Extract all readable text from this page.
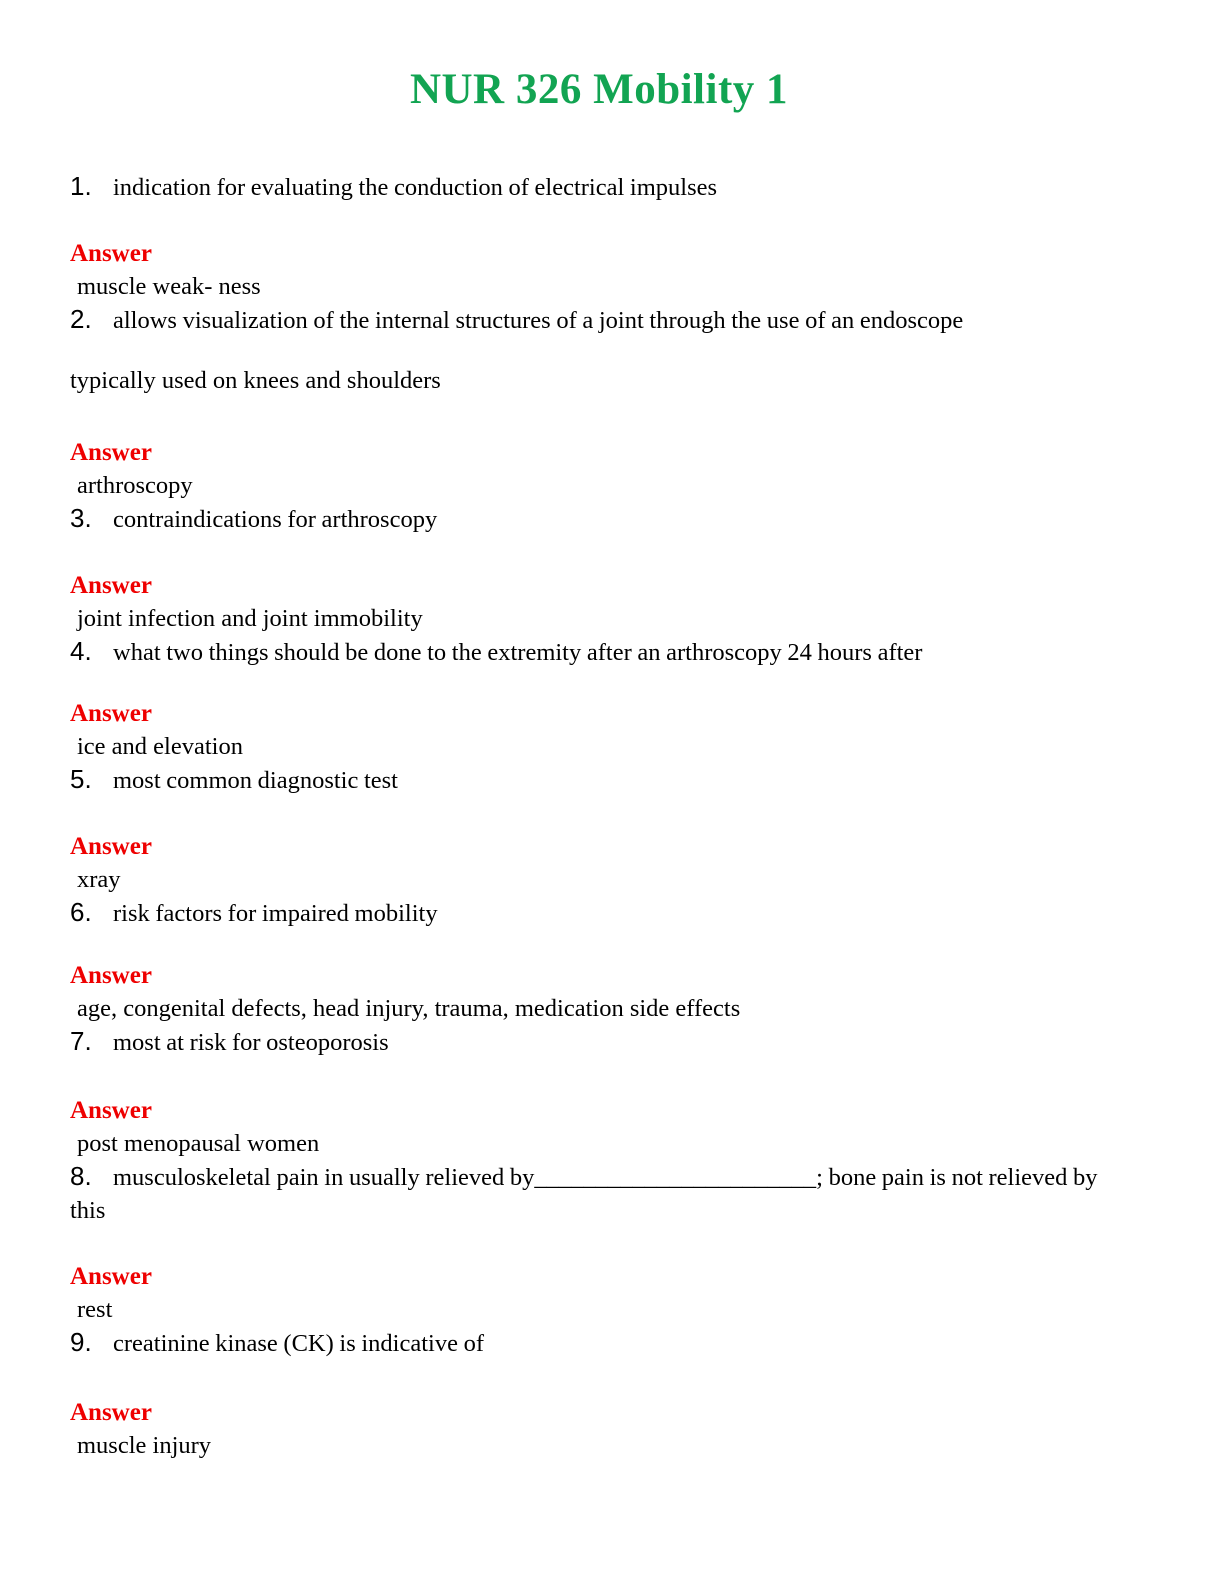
NUR 326 Mobility 1

1. indication for evaluating the conduction of electrical impulses

Answer

muscle weak- ness

2. allows visualization of the internal structures of a joint through the use of an endoscope

typically used on knees and shoulders

Answer

arthroscopy

3. contraindications for arthroscopy

Answer

joint infection and joint immobility

4. what two things should be done to the extremity after an arthroscopy 24 hours after

Answer

ice and elevation

5. most common diagnostic test

Answer

xray

6. risk factors for impaired mobility

Answer

age, congenital defects, head injury, trauma, medication side effects

7. most at risk for osteoporosis

Answer

post menopausal women

8. musculoskeletal pain in usually relieved by_______________________; bone pain is not relieved by this

Answer

rest

9. creatinine kinase (CK) is indicative of

Answer

muscle injury
